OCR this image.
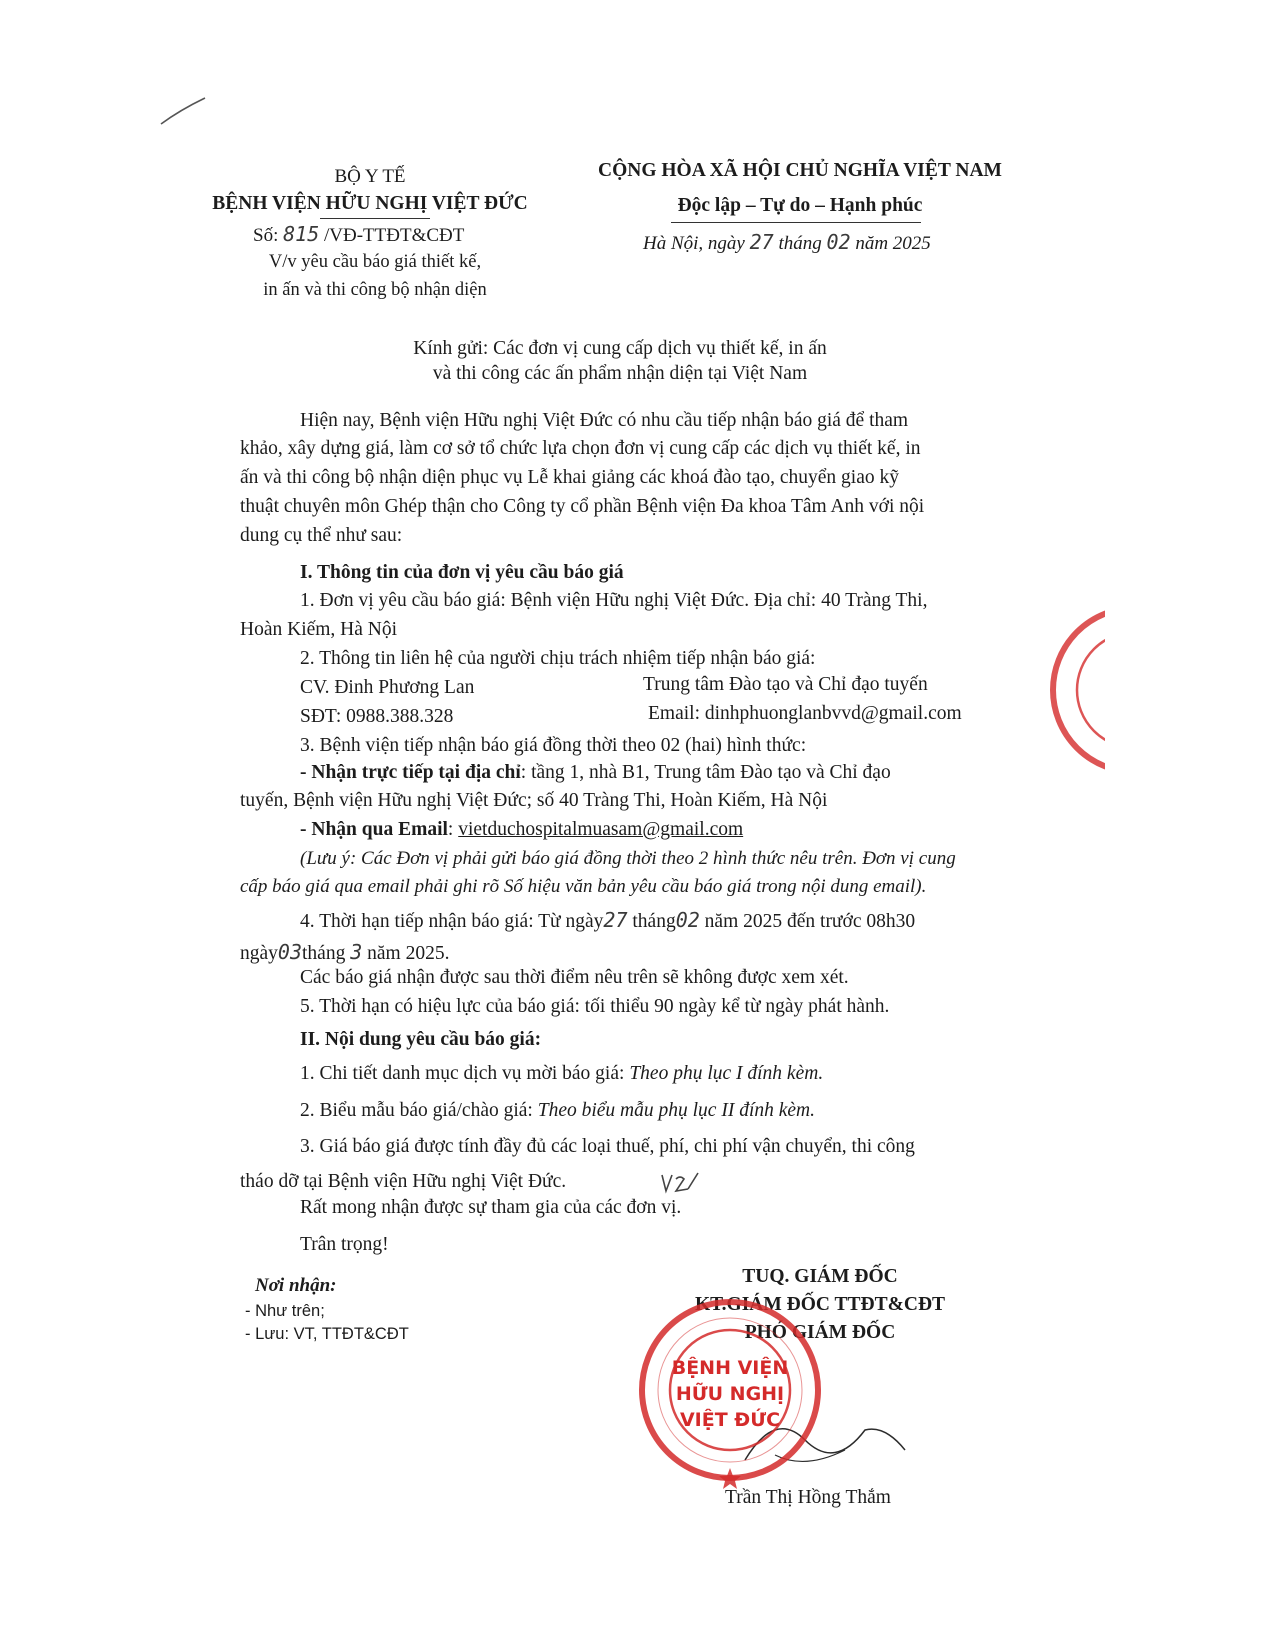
BỘ Y TẾ
BỆNH VIỆN HỮU NGHỊ VIỆT ĐỨC
Số: 815 /VĐ-TTĐT&CĐT
V/v yêu cầu báo giá thiết kế,
in ấn và thi công bộ nhận diện
CỘNG HÒA XÃ HỘI CHỦ NGHĨA VIỆT NAM
Độc lập – Tự do – Hạnh phúc
Hà Nội, ngày 27 tháng 02 năm 2025
Kính gửi: Các đơn vị cung cấp dịch vụ thiết kế, in ấn
và thi công các ấn phẩm nhận diện tại Việt Nam
Hiện nay, Bệnh viện Hữu nghị Việt Đức có nhu cầu tiếp nhận báo giá để tham
khảo, xây dựng giá, làm cơ sở tổ chức lựa chọn đơn vị cung cấp các dịch vụ thiết kế, in
ấn và thi công bộ nhận diện phục vụ Lễ khai giảng các khoá đào tạo, chuyển giao kỹ
thuật chuyên môn Ghép thận cho Công ty cổ phần Bệnh viện Đa khoa Tâm Anh với nội
dung cụ thể như sau:
I. Thông tin của đơn vị yêu cầu báo giá
1. Đơn vị yêu cầu báo giá: Bệnh viện Hữu nghị Việt Đức. Địa chỉ: 40 Tràng Thi,
Hoàn Kiếm, Hà Nội
2. Thông tin liên hệ của người chịu trách nhiệm tiếp nhận báo giá:
CV. Đinh Phương Lan	Trung tâm Đào tạo và Chỉ đạo tuyến
SĐT: 0988.388.328	Email: dinhphuonglanbvvd@gmail.com
3. Bệnh viện tiếp nhận báo giá đồng thời theo 02 (hai) hình thức:
- Nhận trực tiếp tại địa chỉ: tầng 1, nhà B1, Trung tâm Đào tạo và Chỉ đạo
tuyến, Bệnh viện Hữu nghị Việt Đức; số 40 Tràng Thi, Hoàn Kiếm, Hà Nội
- Nhận qua Email: vietduchospitalmuasam@gmail.com
(Lưu ý: Các Đơn vị phải gửi báo giá đồng thời theo 2 hình thức nêu trên. Đơn vị cung
cấp báo giá qua email phải ghi rõ Số hiệu văn bản yêu cầu báo giá trong nội dung email).
4. Thời hạn tiếp nhận báo giá: Từ ngày27 tháng02 năm 2025 đến trước 08h30
ngày03tháng 3 năm 2025.
Các báo giá nhận được sau thời điểm nêu trên sẽ không được xem xét.
5. Thời hạn có hiệu lực của báo giá: tối thiểu 90 ngày kể từ ngày phát hành.
II. Nội dung yêu cầu báo giá:
1. Chi tiết danh mục dịch vụ mời báo giá: Theo phụ lục I đính kèm.
2. Biểu mẫu báo giá/chào giá: Theo biểu mẫu phụ lục II đính kèm.
3. Giá báo giá được tính đầy đủ các loại thuế, phí, chi phí vận chuyển, thi công
tháo dỡ tại Bệnh viện Hữu nghị Việt Đức.
Rất mong nhận được sự tham gia của các đơn vị.
Trân trọng!
Nơi nhận:
- Như trên;
- Lưu: VT, TTĐT&CĐT
TUQ. GIÁM ĐỐC
KT.GIÁM ĐỐC TTĐT&CĐT
PHÓ GIÁM ĐỐC
Trần Thị Hồng Thắm
BỆNH VIỆN
HỮU NGHỊ
VIỆT ĐỨC
